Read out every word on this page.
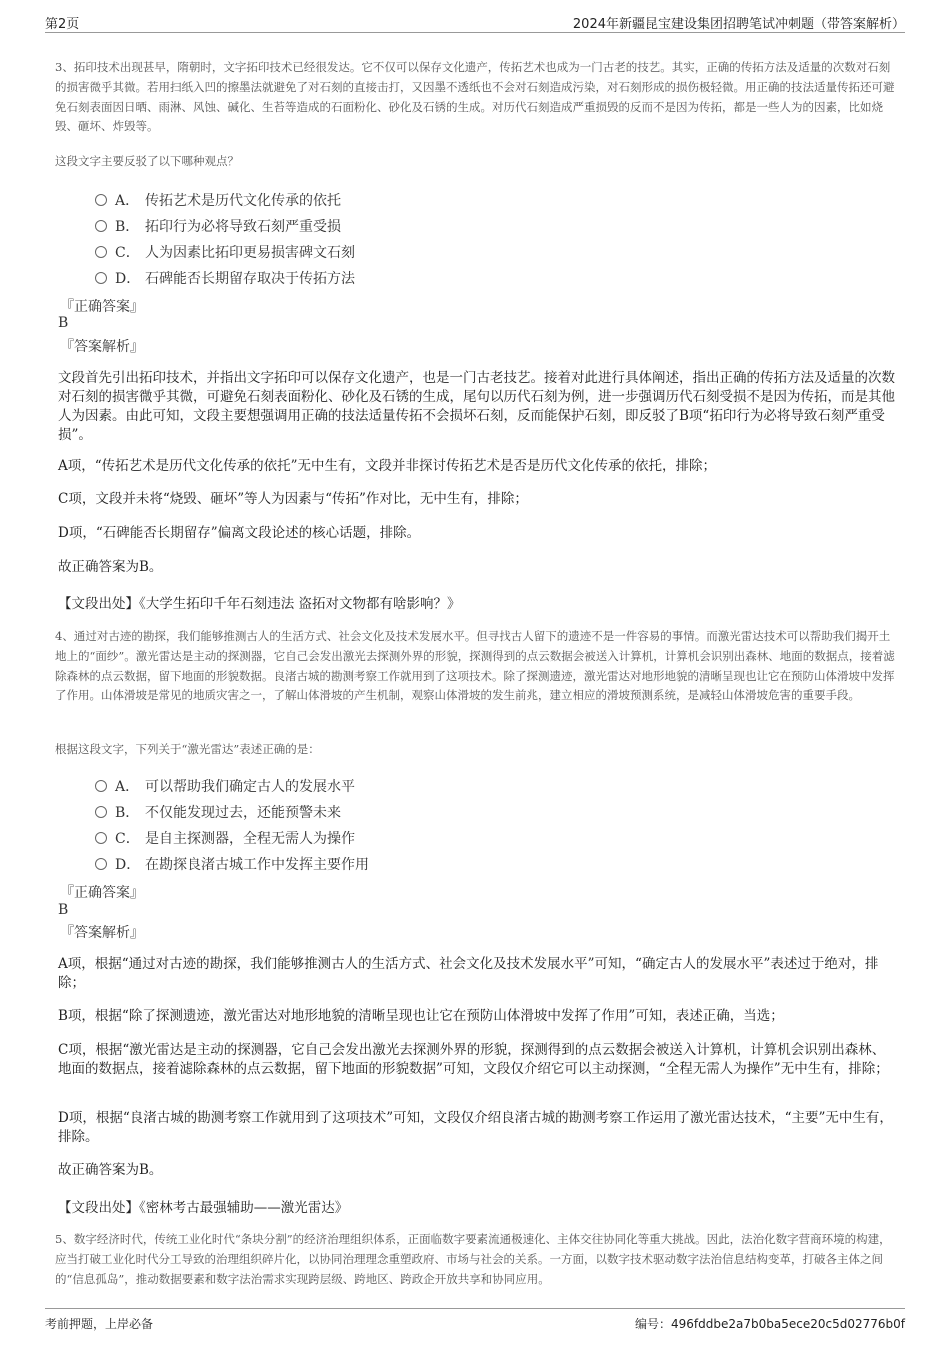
第2页	2024年新疆昆宝建设集团招聘笔试冲刺题（带答案解析）
3、拓印技术出现甚早，隋朝时，文字拓印技术已经很发达。它不仅可以保存文化遗产，传拓艺术也成为一门古老的技艺。其实，正确的传拓方法及适量的次数对石刻的损害微乎其微。若用扫纸入凹的擦墨法就避免了对石刻的直接击打，又因墨不透纸也不会对石刻造成污染，对石刻形成的损伤极轻微。用正确的技法适量传拓还可避免石刻表面因日晒、雨淋、风蚀、碱化、生苔等造成的石面粉化、砂化及石锈的生成。对历代石刻造成严重损毁的反而不是因为传拓，都是一些人为的因素，比如烧毁、砸坏、炸毁等。
这段文字主要反驳了以下哪种观点？
A． 传拓艺术是历代文化传承的依托
B． 拓印行为必将导致石刻严重受损
C． 人为因素比拓印更易损害碑文石刻
D． 石碑能否长期留存取决于传拓方法
『正确答案』
B
『答案解析』
文段首先引出拓印技术，并指出文字拓印可以保存文化遗产，也是一门古老技艺。接着对此进行具体阐述，指出正确的传拓方法及适量的次数对石刻的损害微乎其微，可避免石刻表面粉化、砂化及石锈的生成，尾句以历代石刻为例，进一步强调历代石刻受损不是因为传拓，而是其他人为因素。由此可知，文段主要想强调用正确的技法适量传拓不会损坏石刻，反而能保护石刻，即反驳了B项“拓印行为必将导致石刻严重受损”。
A项，“传拓艺术是历代文化传承的依托”无中生有，文段并非探讨传拓艺术是否是历代文化传承的依托，排除；
C项，文段并未将“烧毁、砸坏”等人为因素与“传拓”作对比，无中生有，排除；
D项，“石碑能否长期留存”偏离文段论述的核心话题，排除。
故正确答案为B。
【文段出处】《大学生拓印千年石刻违法 盗拓对文物都有啥影响？》
4、通过对古迹的勘探，我们能够推测古人的生活方式、社会文化及技术发展水平。但寻找古人留下的遗迹不是一件容易的事情。而激光雷达技术可以帮助我们揭开土地上的“面纱”。激光雷达是主动的探测器，它自己会发出激光去探测外界的形貌，探测得到的点云数据会被送入计算机，计算机会识别出森林、地面的数据点，接着滤除森林的点云数据，留下地面的形貌数据。良渚古城的勘测考察工作就用到了这项技术。除了探测遗迹，激光雷达对地形地貌的清晰呈现也让它在预防山体滑坡中发挥了作用。山体滑坡是常见的地质灾害之一，了解山体滑坡的产生机制，观察山体滑坡的发生前兆，建立相应的滑坡预测系统，是减轻山体滑坡危害的重要手段。
根据这段文字，下列关于“激光雷达”表述正确的是：
A． 可以帮助我们确定古人的发展水平
B． 不仅能发现过去，还能预警未来
C． 是自主探测器，全程无需人为操作
D． 在勘探良渚古城工作中发挥主要作用
『正确答案』
B
『答案解析』
A项，根据“通过对古迹的勘探，我们能够推测古人的生活方式、社会文化及技术发展水平”可知，“确定古人的发展水平”表述过于绝对，排除；
B项，根据“除了探测遗迹，激光雷达对地形地貌的清晰呈现也让它在预防山体滑坡中发挥了作用”可知，表述正确，当选；
C项，根据“激光雷达是主动的探测器，它自己会发出激光去探测外界的形貌，探测得到的点云数据会被送入计算机，计算机会识别出森林、地面的数据点，接着滤除森林的点云数据，留下地面的形貌数据”可知，文段仅介绍它可以主动探测，“全程无需人为操作”无中生有，排除；
D项，根据“良渚古城的勘测考察工作就用到了这项技术”可知，文段仅介绍良渚古城的勘测考察工作运用了激光雷达技术，“主要”无中生有，排除。
故正确答案为B。
【文段出处】《密林考古最强辅助——激光雷达》
5、数字经济时代，传统工业化时代“条块分割”的经济治理组织体系，正面临数字要素流通极速化、主体交往协同化等重大挑战。因此，法治化数字营商环境的构建，应当打破工业化时代分工导致的治理组织碎片化，以协同治理理念重塑政府、市场与社会的关系。一方面，以数字技术驱动数字法治信息结构变革，打破各主体之间的“信息孤岛”，推动数据要素和数字法治需求实现跨层级、跨地区、跨政企开放共享和协同应用。
考前押题，上岸必备	编号：496fddbe2a7b0ba5ece20c5d02776b0f
